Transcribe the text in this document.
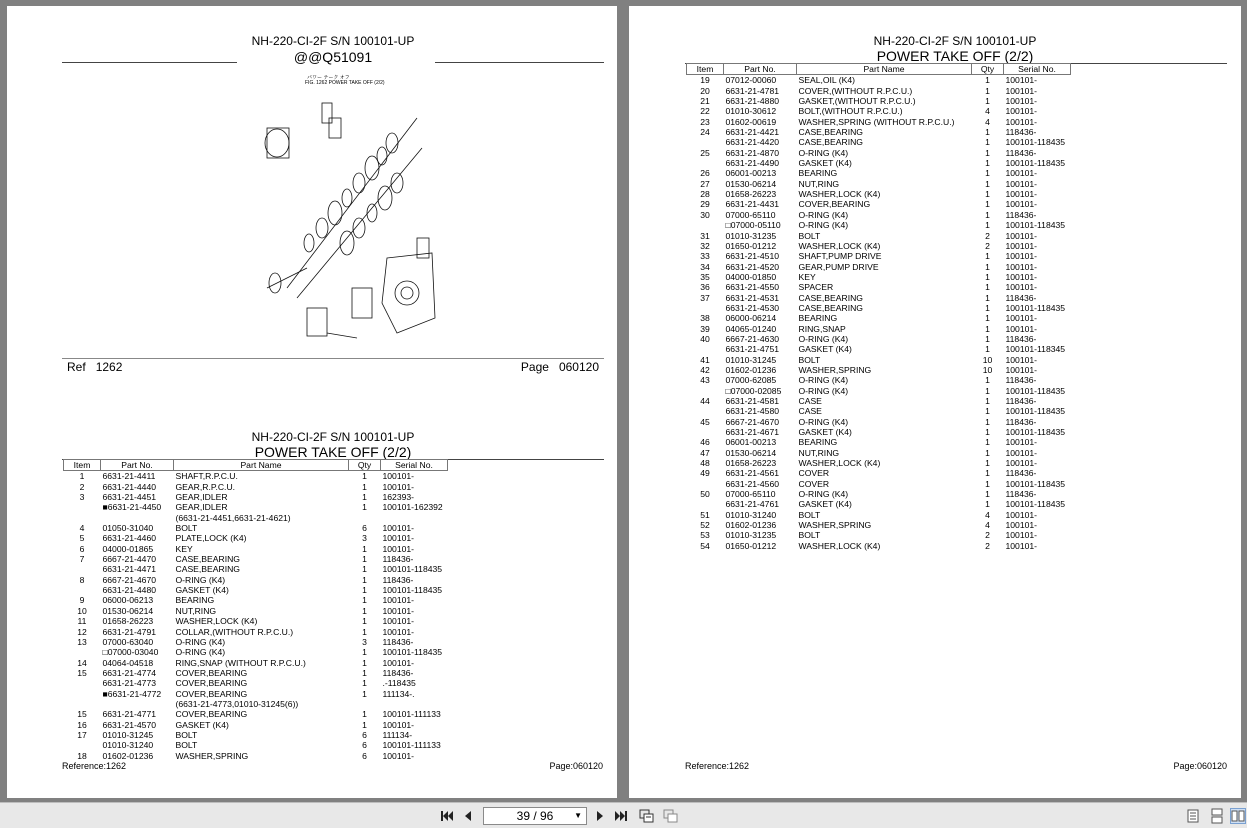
NH-220-CI-2F S/N 100101-UP
@@Q51091
パワー テーク オフ
FIG. 1262 POWER TAKE OFF (2/2)
Ref 1262	Page 060120
NH-220-CI-2F S/N 100101-UP
POWER TAKE OFF (2/2)
Item	Part No.	Part Name	Qty	Serial No.
1	6631-21-4411	SHAFT,R.P.C.U.	1	100101-
2	6631-21-4440	GEAR,R.P.C.U.	1	100101-
3	6631-21-4451	GEAR,IDLER	1	162393-
	■6631-21-4450	GEAR,IDLER	1	100101-162392
		(6631-21-4451,6631-21-4621)		
4	01050-31040	BOLT	6	100101-
5	6631-21-4460	PLATE,LOCK (K4)	3	100101-
6	04000-01865	KEY	1	100101-
7	6667-21-4470	CASE,BEARING	1	118436-
	6631-21-4471	CASE,BEARING	1	100101-118435
8	6667-21-4670	O-RING (K4)	1	118436-
	6631-21-4480	GASKET (K4)	1	100101-118435
9	06000-06213	BEARING	1	100101-
10	01530-06214	NUT,RING	1	100101-
11	01658-26223	WASHER,LOCK (K4)	1	100101-
12	6631-21-4791	COLLAR,(WITHOUT R.P.C.U.)	1	100101-
13	07000-63040	O-RING (K4)	3	118436-
	□07000-03040	O-RING (K4)	1	100101-118435
14	04064-04518	RING,SNAP (WITHOUT R.P.C.U.)	1	100101-
15	6631-21-4774	COVER,BEARING	1	118436-
	6631-21-4773	COVER,BEARING	1	.-118435
	■6631-21-4772	COVER,BEARING	1	111134-.
		(6631-21-4773,01010-31245(6))		
15	6631-21-4771	COVER,BEARING	1	100101-111133
16	6631-21-4570	GASKET (K4)	1	100101-
17	01010-31245	BOLT	6	111134-
	01010-31240	BOLT	6	100101-111133
18	01602-01236	WASHER,SPRING	6	100101-
Reference:1262	Page:060120
NH-220-CI-2F S/N 100101-UP
POWER TAKE OFF (2/2)
Item	Part No.	Part Name	Qty	Serial No.
19	07012-00060	SEAL,OIL (K4)	1	100101-
20	6631-21-4781	COVER,(WITHOUT R.P.C.U.)	1	100101-
21	6631-21-4880	GASKET,(WITHOUT R.P.C.U.)	1	100101-
22	01010-30612	BOLT,(WITHOUT R.P.C.U.)	4	100101-
23	01602-00619	WASHER,SPRING (WITHOUT R.P.C.U.)	4	100101-
24	6631-21-4421	CASE,BEARING	1	118436-
	6631-21-4420	CASE,BEARING	1	100101-118435
25	6631-21-4870	O-RING (K4)	1	118436-
	6631-21-4490	GASKET (K4)	1	100101-118435
26	06001-00213	BEARING	1	100101-
27	01530-06214	NUT,RING	1	100101-
28	01658-26223	WASHER,LOCK (K4)	1	100101-
29	6631-21-4431	COVER,BEARING	1	100101-
30	07000-65110	O-RING (K4)	1	118436-
	□07000-05110	O-RING (K4)	1	100101-118435
31	01010-31235	BOLT	2	100101-
32	01650-01212	WASHER,LOCK (K4)	2	100101-
33	6631-21-4510	SHAFT,PUMP DRIVE	1	100101-
34	6631-21-4520	GEAR,PUMP DRIVE	1	100101-
35	04000-01850	KEY	1	100101-
36	6631-21-4550	SPACER	1	100101-
37	6631-21-4531	CASE,BEARING	1	118436-
	6631-21-4530	CASE,BEARING	1	100101-118435
38	06000-06214	BEARING	1	100101-
39	04065-01240	RING,SNAP	1	100101-
40	6667-21-4630	O-RING (K4)	1	118436-
	6631-21-4751	GASKET (K4)	1	100101-118345
41	01010-31245	BOLT	10	100101-
42	01602-01236	WASHER,SPRING	10	100101-
43	07000-62085	O-RING (K4)	1	118436-
	□07000-02085	O-RING (K4)	1	100101-118435
44	6631-21-4581	CASE	1	118436-
	6631-21-4580	CASE	1	100101-118435
45	6667-21-4670	O-RING (K4)	1	118436-
	6631-21-4671	GASKET (K4)	1	100101-118435
46	06001-00213	BEARING	1	100101-
47	01530-06214	NUT,RING	1	100101-
48	01658-26223	WASHER,LOCK (K4)	1	100101-
49	6631-21-4561	COVER	1	118436-
	6631-21-4560	COVER	1	100101-118435
50	07000-65110	O-RING (K4)	1	118436-
	6631-21-4761	GASKET (K4)	1	100101-118435
51	01010-31240	BOLT	4	100101-
52	01602-01236	WASHER,SPRING	4	100101-
53	01010-31235	BOLT	2	100101-
54	01650-01212	WASHER,LOCK (K4)	2	100101-
Reference:1262	Page:060120
39 / 96	▼
